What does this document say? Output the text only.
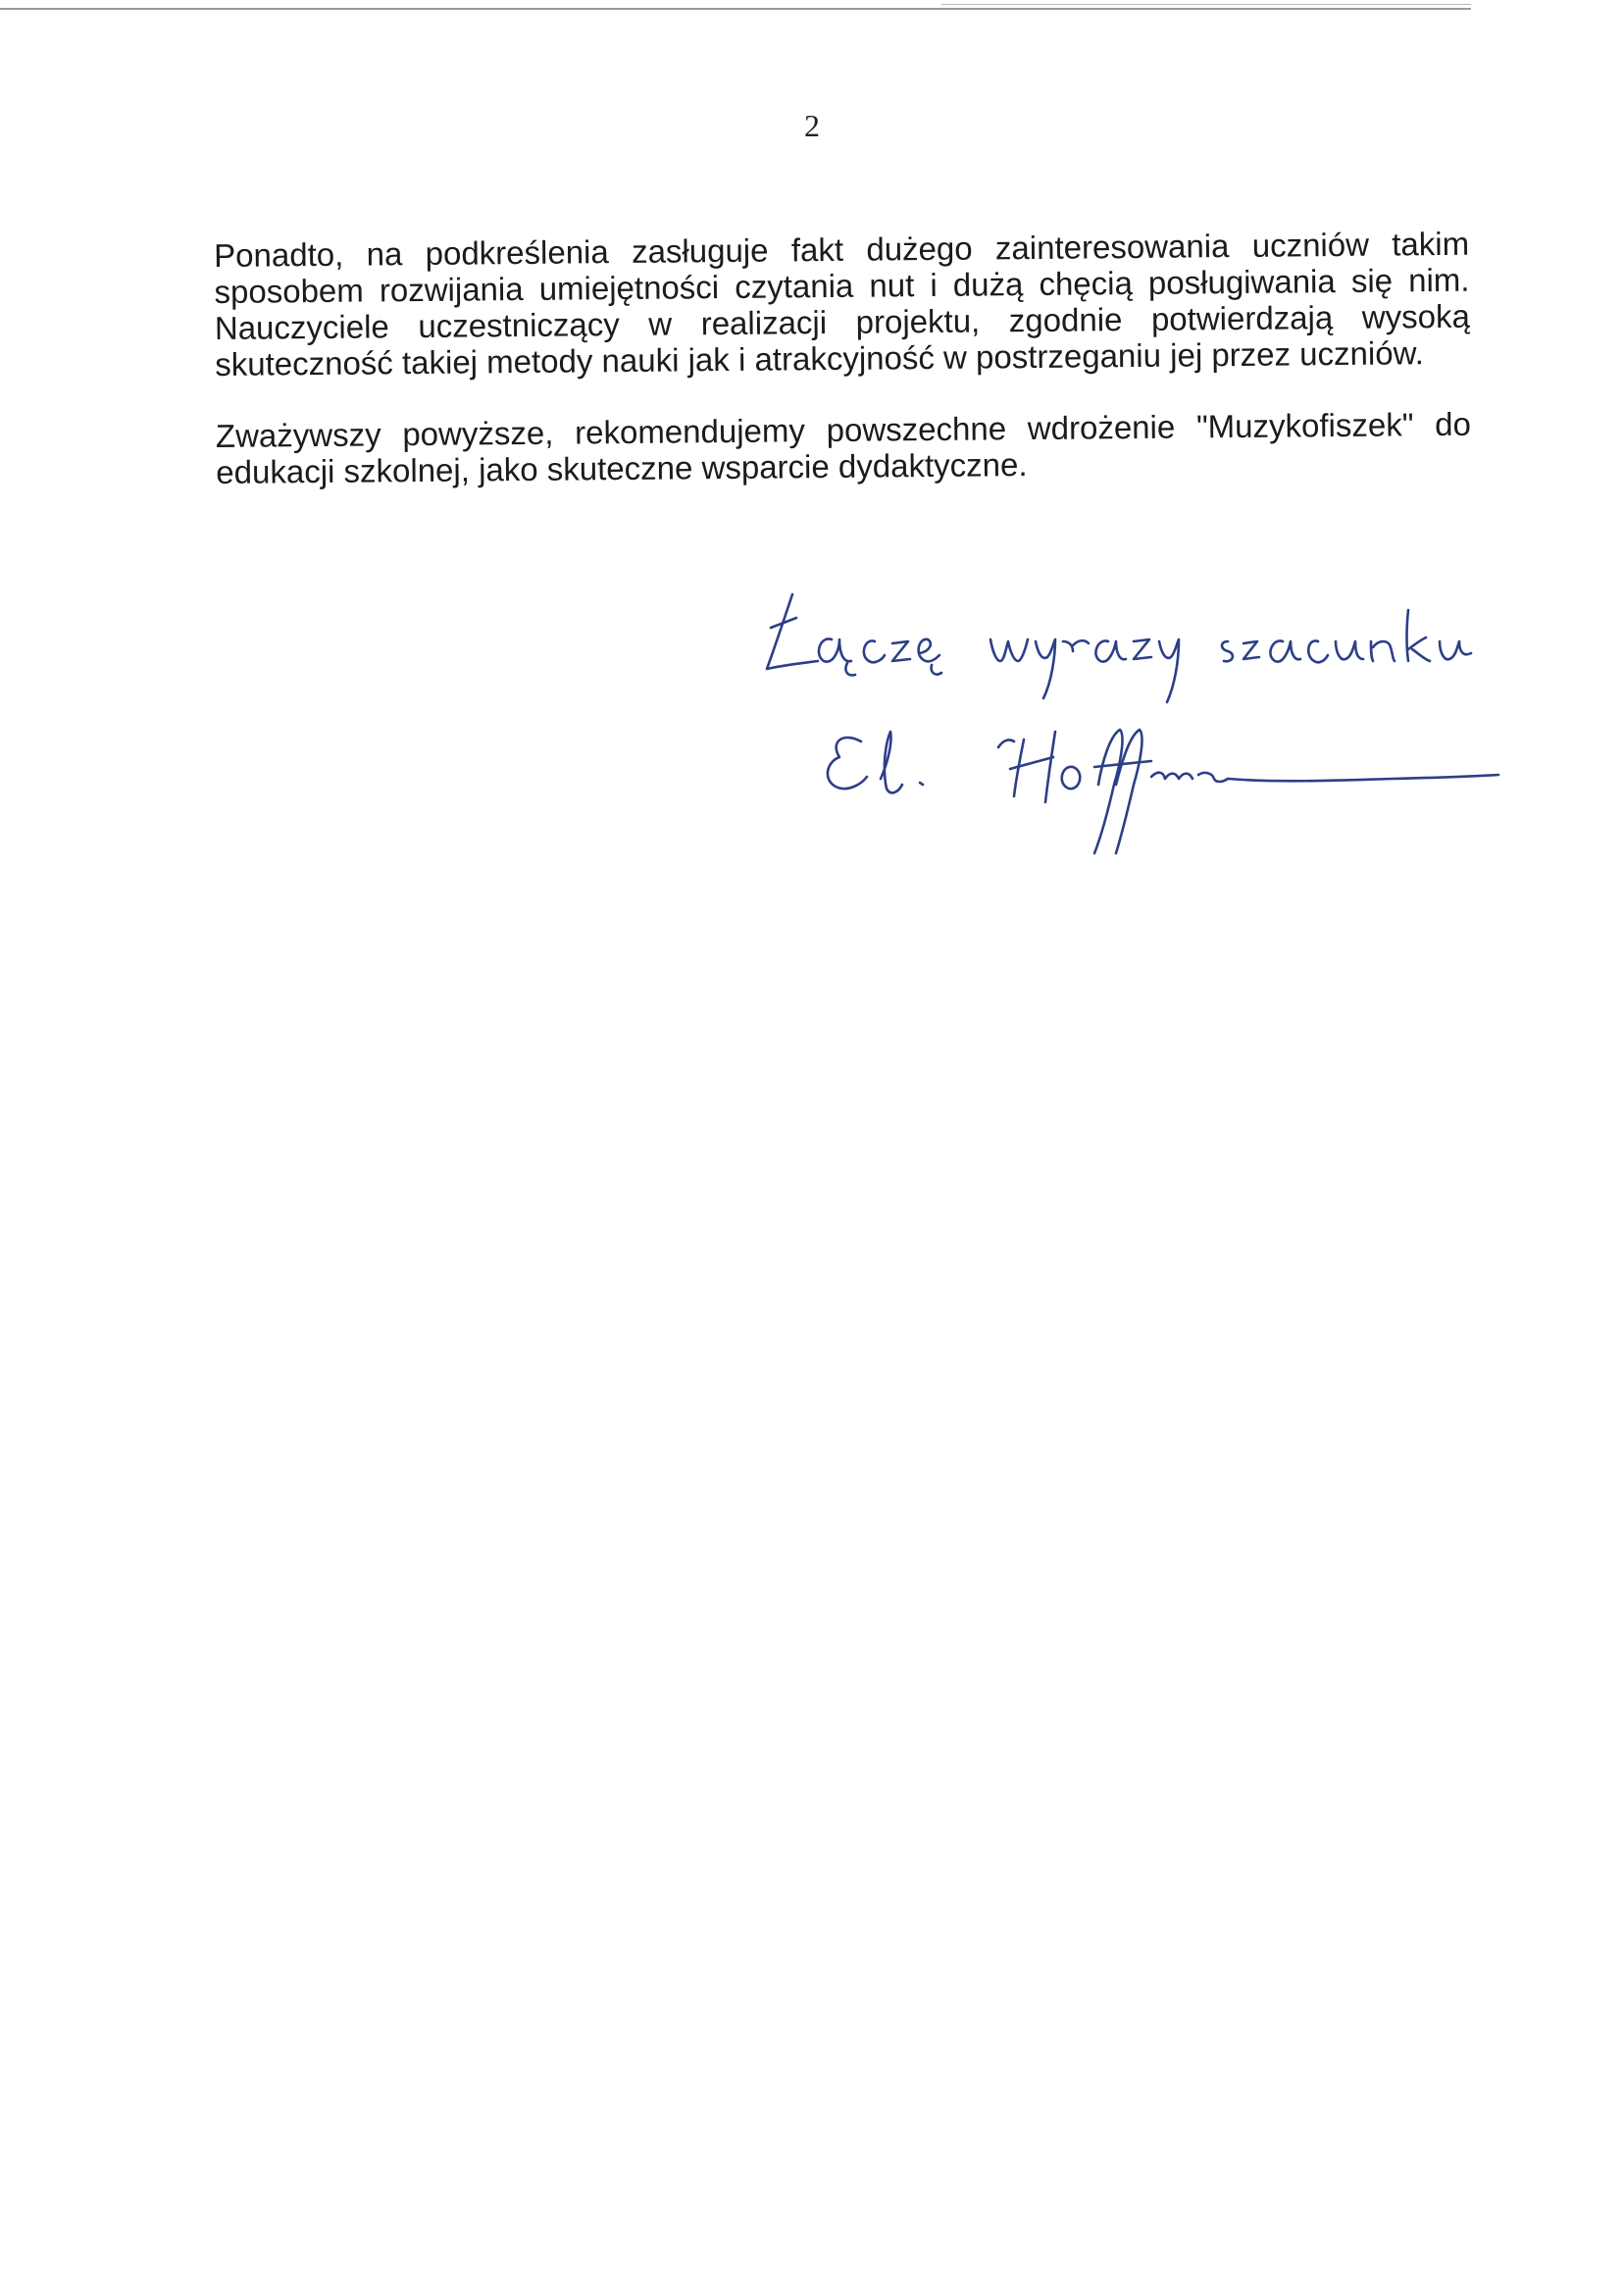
2

Ponadto, na podkreślenia zasługuje fakt dużego zainteresowania uczniów takim sposobem rozwijania umiejętności czytania nut i dużą chęcią posługiwania się nim. Nauczyciele uczestniczący w realizacji projektu, zgodnie potwierdzają wysoką skuteczność takiej metody nauki jak i atrakcyjność w postrzeganiu jej przez uczniów.

Zważywszy powyższe, rekomendujemy powszechne wdrożenie "Muzykofiszek" do edukacji szkolnej, jako skuteczne wsparcie dydaktyczne.
